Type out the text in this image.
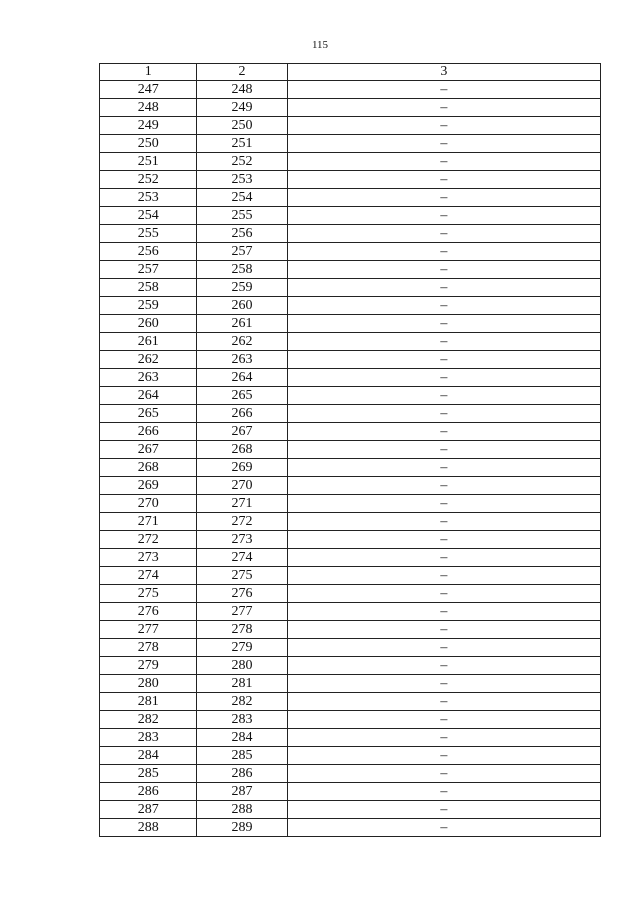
115
1	2	3
247	248	–
248	249	–
249	250	–
250	251	–
251	252	–
252	253	–
253	254	–
254	255	–
255	256	–
256	257	–
257	258	–
258	259	–
259	260	–
260	261	–
261	262	–
262	263	–
263	264	–
264	265	–
265	266	–
266	267	–
267	268	–
268	269	–
269	270	–
270	271	–
271	272	–
272	273	–
273	274	–
274	275	–
275	276	–
276	277	–
277	278	–
278	279	–
279	280	–
280	281	–
281	282	–
282	283	–
283	284	–
284	285	–
285	286	–
286	287	–
287	288	–
288	289	–
